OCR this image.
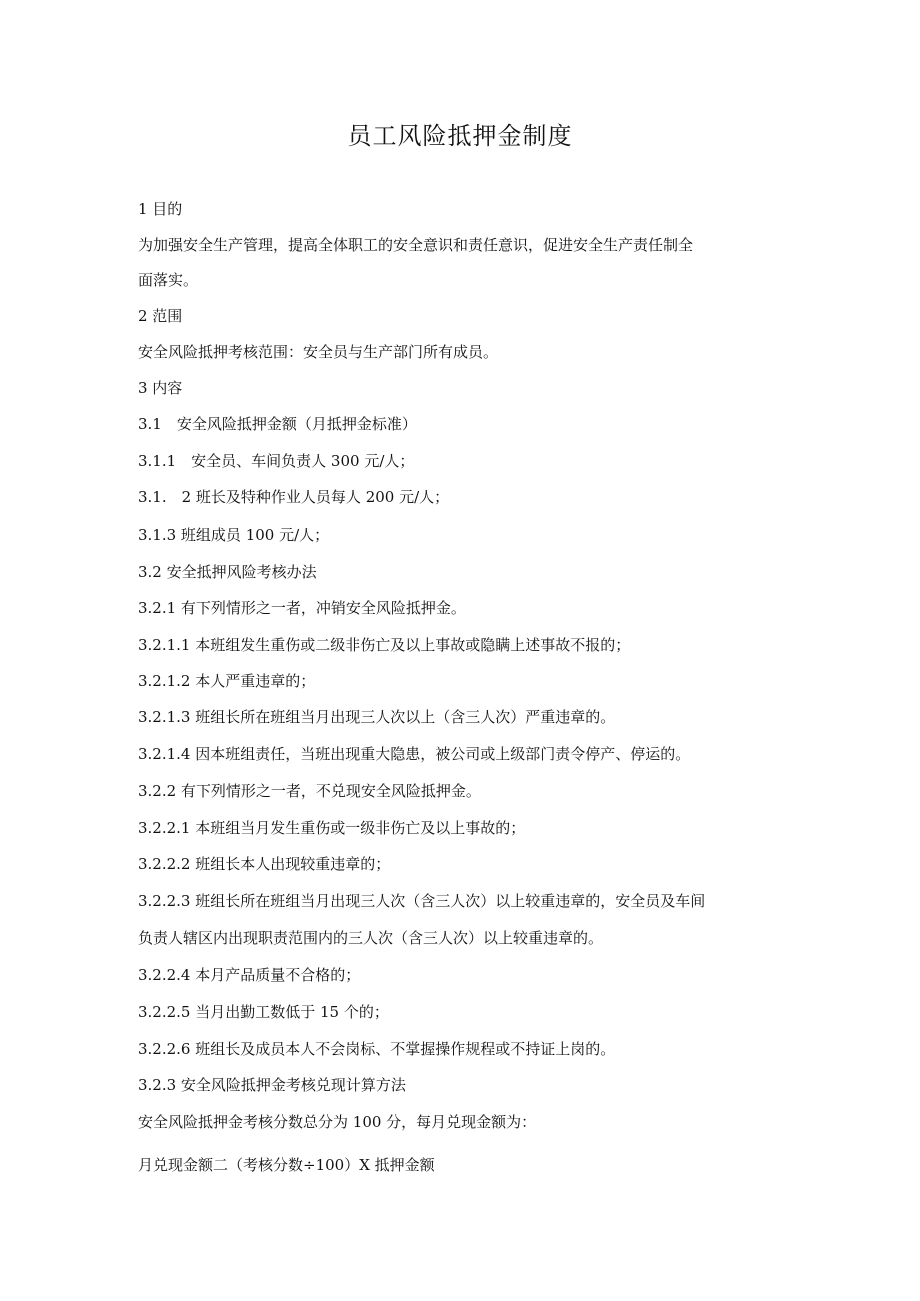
员工风险抵押金制度
1 目的
为加强安全生产管理，提高全体职工的安全意识和责任意识，促进安全生产责任制全
面落实。
2 范围
安全风险抵押考核范围：安全员与生产部门所有成员。
3 内容
3.1　安全风险抵押金额（月抵押金标准）
3.1.1　安全员、车间负责人 300 元/人；
3.1.　2 班长及特种作业人员每人 200 元/人；
3.1.3 班组成员 100 元/人；
3.2 安全抵押风险考核办法
3.2.1 有下列情形之一者，冲销安全风险抵押金。
3.2.1.1 本班组发生重伤或二级非伤亡及以上事故或隐瞒上述事故不报的；
3.2.1.2 本人严重违章的；
3.2.1.3 班组长所在班组当月出现三人次以上（含三人次）严重违章的。
3.2.1.4 因本班组责任，当班出现重大隐患，被公司或上级部门责令停产、停运的。
3.2.2 有下列情形之一者，不兑现安全风险抵押金。
3.2.2.1 本班组当月发生重伤或一级非伤亡及以上事故的；
3.2.2.2 班组长本人出现较重违章的；
3.2.2.3 班组长所在班组当月出现三人次（含三人次）以上较重违章的，安全员及车间
负责人辖区内出现职责范围内的三人次（含三人次）以上较重违章的。
3.2.2.4 本月产品质量不合格的；
3.2.2.5 当月出勤工数低于 15 个的；
3.2.2.6 班组长及成员本人不会岗标、不掌握操作规程或不持证上岗的。
3.2.3 安全风险抵押金考核兑现计算方法
安全风险抵押金考核分数总分为 100 分，每月兑现金额为：
月兑现金额二（考核分数÷100）X 抵押金额
